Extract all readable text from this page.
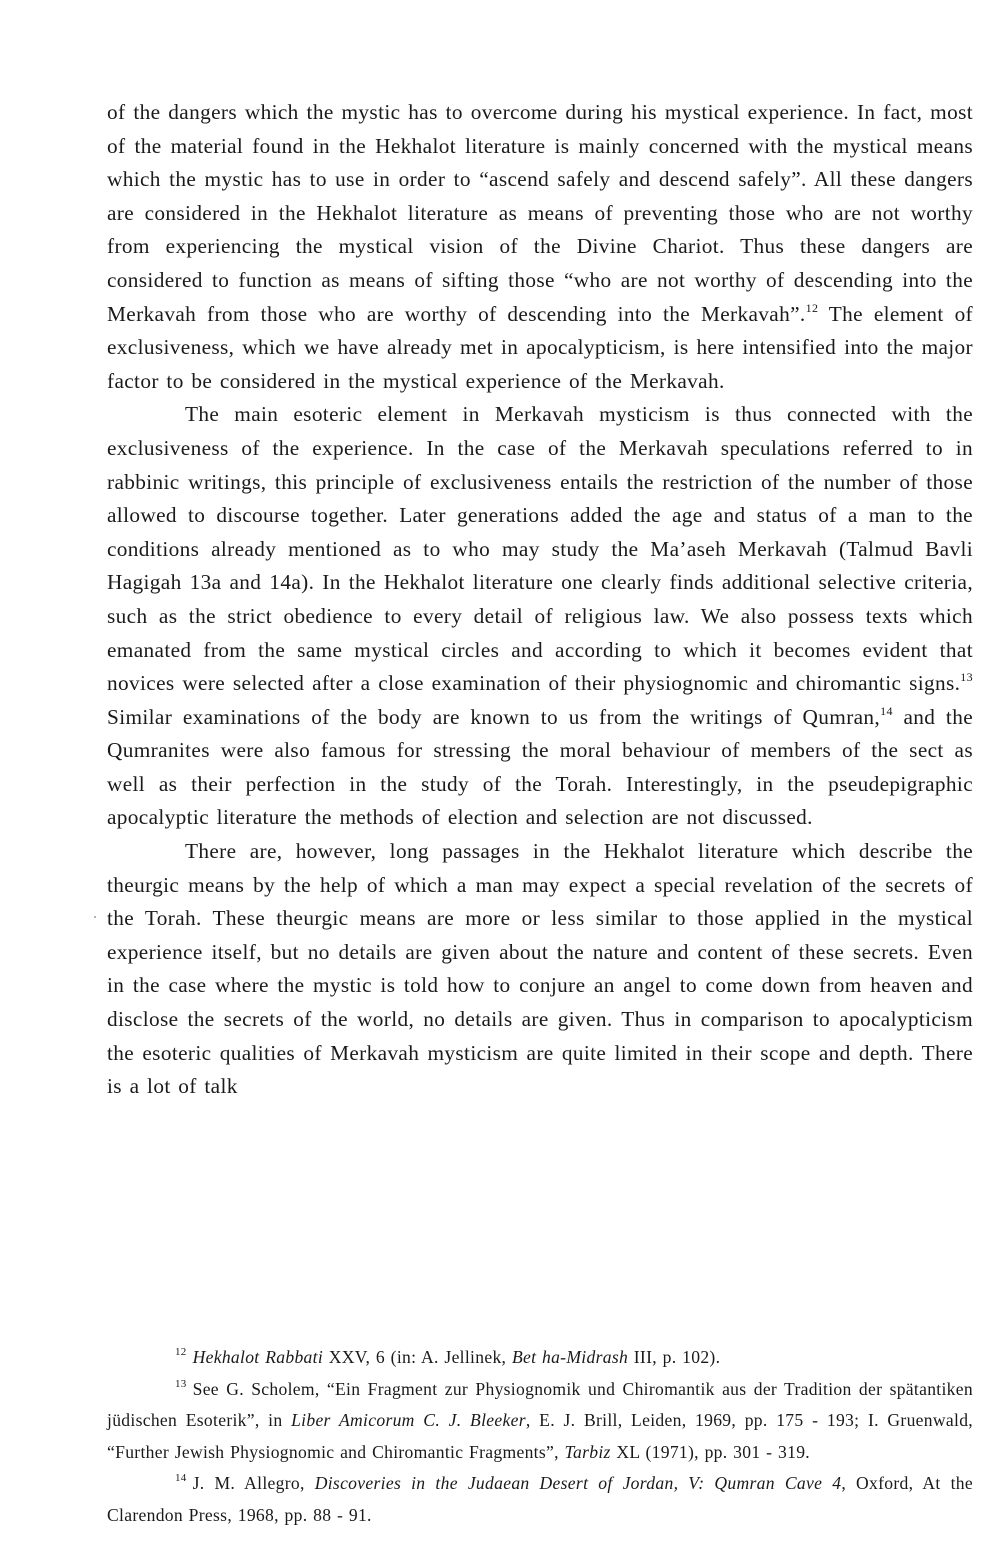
of the dangers which the mystic has to overcome during his mystical experience. In fact, most of the material found in the Hekhalot literature is mainly concerned with the mystical means which the mystic has to use in order to “ascend safely and descend safely”. All these dangers are considered in the Hekhalot literature as means of preventing those who are not worthy from experiencing the mystical vision of the Divine Chariot. Thus these dangers are considered to function as means of sifting those “who are not worthy of descending into the Merkavah from those who are worthy of descending into the Merkavah”.$^{12}$ The element of exclusiveness, which we have already met in apocalypticism, is here intensified into the major factor to be considered in the mystical experience of the Merkavah.

The main esoteric element in Merkavah mysticism is thus connected with the exclusiveness of the experience. In the case of the Merkavah speculations referred to in rabbinic writings, this principle of exclusiveness entails the restriction of the number of those allowed to discourse together. Later generations added the age and status of a man to the conditions already mentioned as to who may study the Ma’aseh Merkavah (Talmud Bavli Hagigah 13a and 14a). In the Hekhalot literature one clearly finds additional selective criteria, such as the strict obedience to every detail of religious law. We also possess texts which emanated from the same mystical circles and according to which it becomes evident that novices were selected after a close examination of their physiognomic and chiromantic signs.$^{13}$ Similar examinations of the body are known to us from the writings of Qumran,$^{14}$ and the Qumranites were also famous for stressing the moral behaviour of members of the sect as well as their perfection in the study of the Torah. Interestingly, in the pseudepigraphic apocalyptic literature the methods of election and selection are not discussed.

There are, however, long passages in the Hekhalot literature which describe the theurgic means by the help of which a man may expect a special revelation of the secrets of the Torah. These theurgic means are more or less similar to those applied in the mystical experience itself, but no details are given about the nature and content of these secrets. Even in the case where the mystic is told how to conjure an angel to come down from heaven and disclose the secrets of the world, no details are given. Thus in comparison to apocalypticism the esoteric qualities of Merkavah mysticism are quite limited in their scope and depth. There is a lot of talk

$^{12}$ Hekhalot Rabbati XXV, 6 (in: A. Jellinek, Bet ha-Midrash III, p. 102).

$^{13}$ See G. Scholem, “Ein Fragment zur Physiognomik und Chiromantik aus der Tradition der spätantiken jüdischen Esoterik”, in Liber Amicorum C. J. Bleeker, E. J. Brill, Leiden, 1969, pp. 175 - 193; I. Gruenwald, “Further Jewish Physiognomic and Chiromantic Fragments”, Tarbiz XL (1971), pp. 301 - 319.

$^{14}$ J. M. Allegro, Discoveries in the Judaean Desert of Jordan, V: Qumran Cave 4, Oxford, At the Clarendon Press, 1968, pp. 88 - 91.
